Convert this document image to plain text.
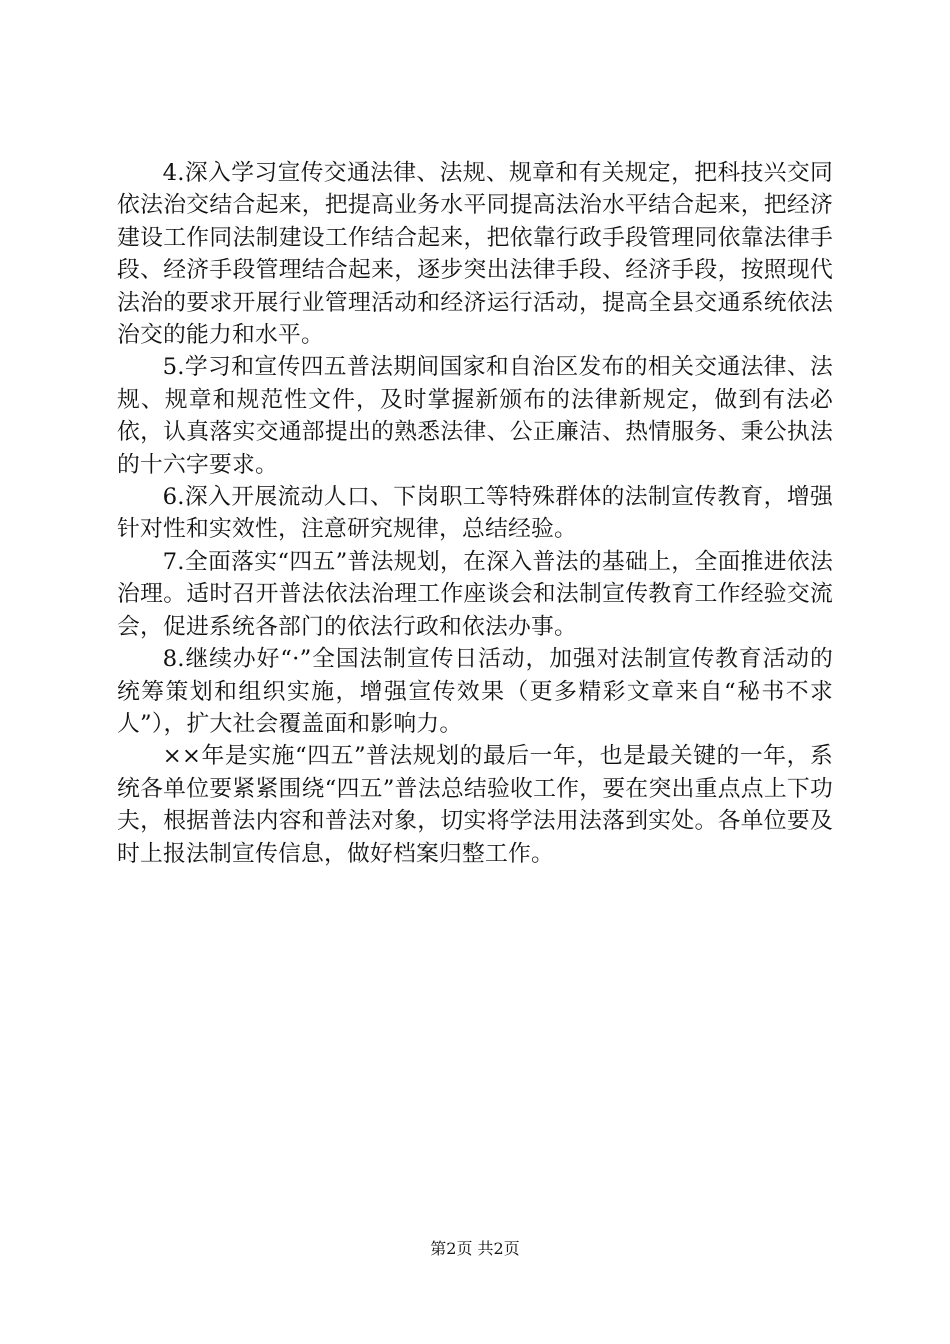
4.深入学习宣传交通法律、法规、规章和有关规定，把科技兴交同依法治交结合起来，把提高业务水平同提高法治水平结合起来，把经济建设工作同法制建设工作结合起来，把依靠行政手段管理同依靠法律手段、经济手段管理结合起来，逐步突出法律手段、经济手段，按照现代法治的要求开展行业管理活动和经济运行活动，提高全县交通系统依法治交的能力和水平。

5.学习和宣传四五普法期间国家和自治区发布的相关交通法律、法规、规章和规范性文件，及时掌握新颁布的法律新规定，做到有法必依，认真落实交通部提出的熟悉法律、公正廉洁、热情服务、秉公执法的十六字要求。

6.深入开展流动人口、下岗职工等特殊群体的法制宣传教育，增强针对性和实效性，注意研究规律，总结经验。

7.全面落实“四五”普法规划，在深入普法的基础上，全面推进依法治理。适时召开普法依法治理工作座谈会和法制宣传教育工作经验交流会，促进系统各部门的依法行政和依法办事。

8.继续办好“·”全国法制宣传日活动，加强对法制宣传教育活动的统筹策划和组织实施，增强宣传效果（更多精彩文章来自“秘书不求人”），扩大社会覆盖面和影响力。

××年是实施“四五”普法规划的最后一年，也是最关键的一年，系统各单位要紧紧围绕“四五”普法总结验收工作，要在突出重点点上下功夫，根据普法内容和普法对象，切实将学法用法落到实处。各单位要及时上报法制宣传信息，做好档案归整工作。

第2页 共2页
